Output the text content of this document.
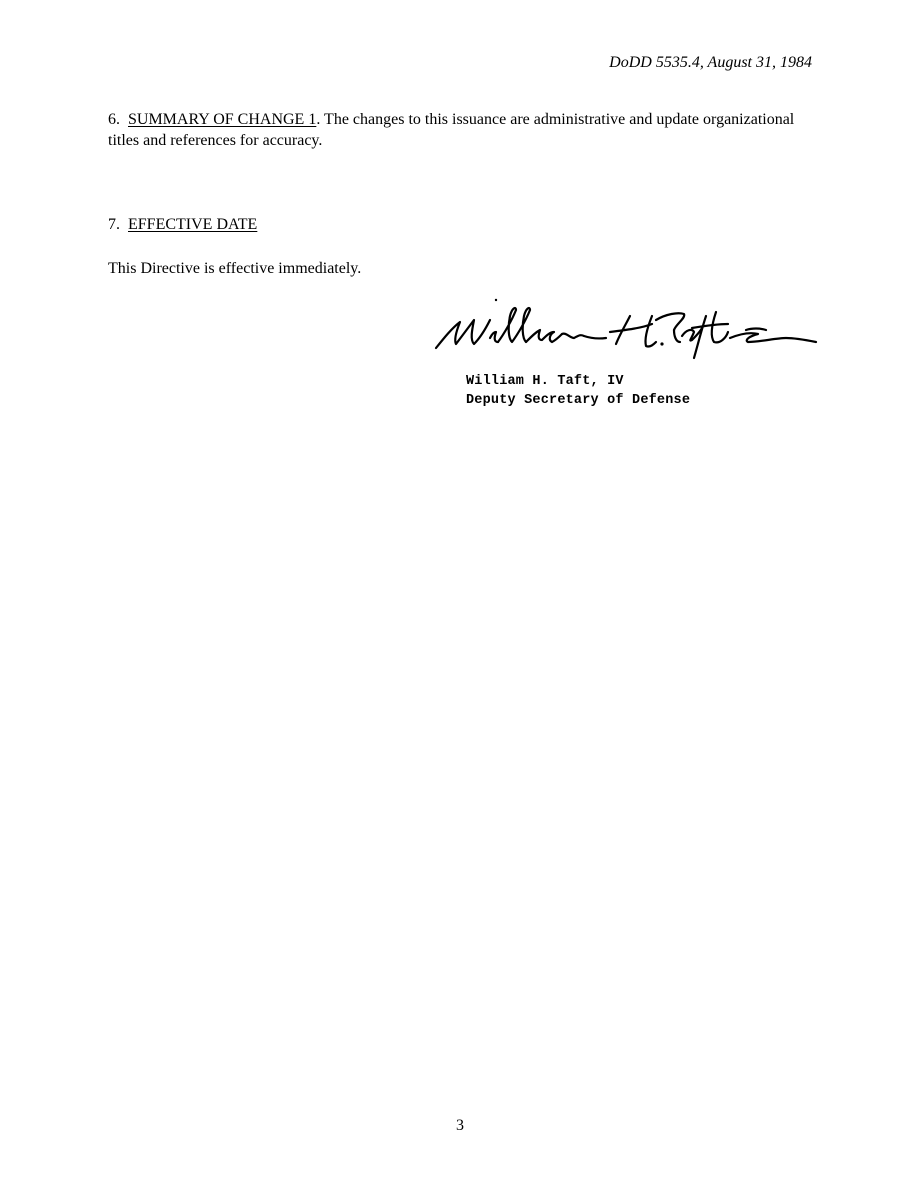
DoDD 5535.4, August 31, 1984
6. SUMMARY OF CHANGE 1. The changes to this issuance are administrative and update organizational titles and references for accuracy.
7. EFFECTIVE DATE
This Directive is effective immediately.
William H. Taft, IV
Deputy Secretary of Defense
3
